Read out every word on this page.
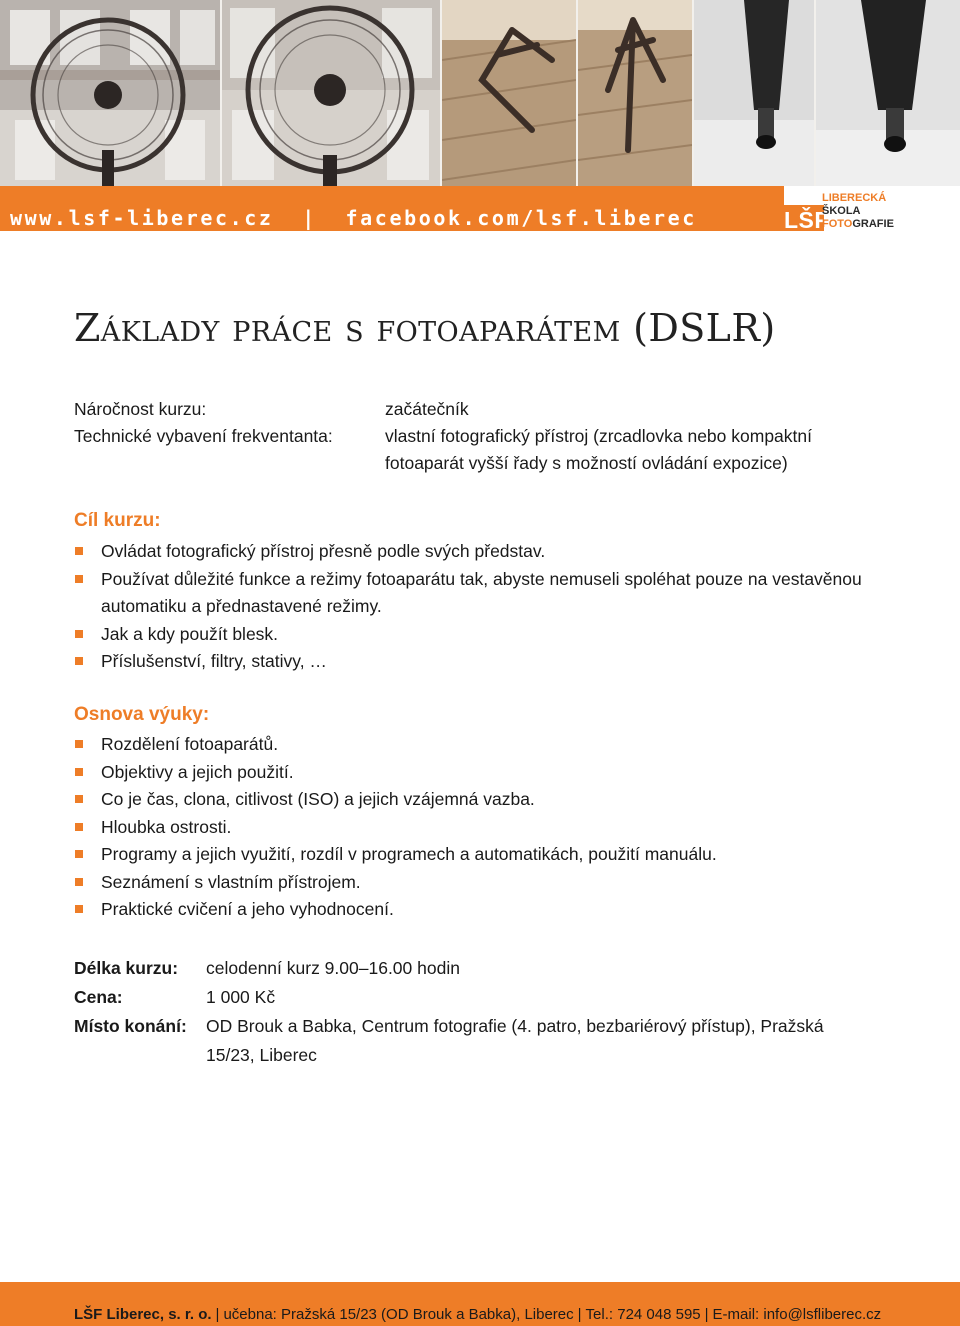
www.lsf-liberec.cz | facebook.com/lsf.liberec	LŠF
LIBERECKÁ
ŠKOLA
FOTOGRAFIE
Základy práce s fotoaparátem (DSLR)
Náročnost kurzu:	začátečník
Technické vybavení frekventanta:	vlastní fotografický přístroj (zrcadlovka nebo kompaktní fotoaparát vyšší řady s možností ovládání expozice)
Cíl kurzu:
Ovládat fotografický přístroj přesně podle svých představ.
Používat důležité funkce a režimy fotoaparátu tak, abyste nemuseli spoléhat pouze na vestavěnou automatiku a přednastavené režimy.
Jak a kdy použít blesk.
Příslušenství, filtry, stativy, …
Osnova výuky:
Rozdělení fotoaparátů.
Objektivy a jejich použití.
Co je čas, clona, citlivost (ISO) a jejich vzájemná vazba.
Hloubka ostrosti.
Programy a jejich využití, rozdíl v programech a automatikách, použití manuálu.
Seznámení s vlastním přístrojem.
Praktické cvičení a jeho vyhodnocení.
Délka kurzu:	celodenní kurz 9.00–16.00 hodin
Cena:	1 000 Kč
Místo konání:	OD Brouk a Babka, Centrum fotografie (4. patro, bezbariérový přístup), Pražská 15/23, Liberec
LŠF Liberec, s. r. o. | učebna: Pražská 15/23 (OD Brouk a Babka), Liberec | Tel.: 724 048 595 | E-mail: info@lsfliberec.cz
